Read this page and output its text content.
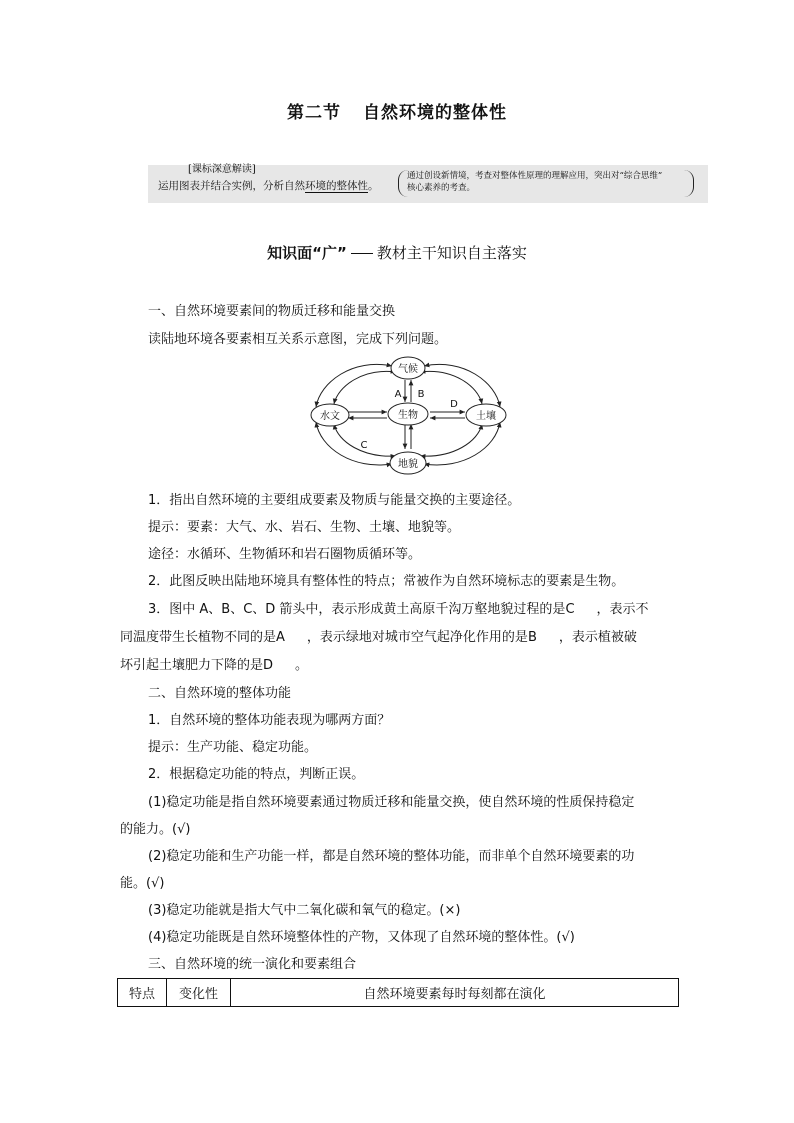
第二节 自然环境的整体性
[课标深意解读]
运用图表并结合实例，分析自然环境的整体性。
通过创设新情境，考查对整体性原理的理解应用，突出对“综合思维”
核心素养的考查。
知识面“广” 教材主干知识自主落实
一、自然环境要素间的物质迁移和能量交换
读陆地环境各要素相互关系示意图，完成下列问题。
气候
水文	生物	土壤
地貌
A B
C
D
1．指出自然环境的主要组成要素及物质与能量交换的主要途径。
提示：要素：大气、水、岩石、生物、土壤、地貌等。
途径：水循环、生物循环和岩石圈物质循环等。
2．此图反映出陆地环境具有整体性的特点；常被作为自然环境标志的要素是生物。
3．图中 A、B、C、D 箭头中，表示形成黄土高原千沟万壑地貌过程的是C ，表示不
同温度带生长植物不同的是A ，表示绿地对城市空气起净化作用的是B ，表示植被破
坏引起土壤肥力下降的是D 。
二、自然环境的整体功能
1．自然环境的整体功能表现为哪两方面？
提示：生产功能、稳定功能。
2．根据稳定功能的特点，判断正误。
(1)稳定功能是指自然环境要素通过物质迁移和能量交换，使自然环境的性质保持稳定
的能力。(√)
(2)稳定功能和生产功能一样，都是自然环境的整体功能，而非单个自然环境要素的功
能。(√)
(3)稳定功能就是指大气中二氧化碳和氧气的稳定。(×)
(4)稳定功能既是自然环境整体性的产物，又体现了自然环境的整体性。(√)
三、自然环境的统一演化和要素组合
特点	变化性	自然环境要素每时每刻都在演化
